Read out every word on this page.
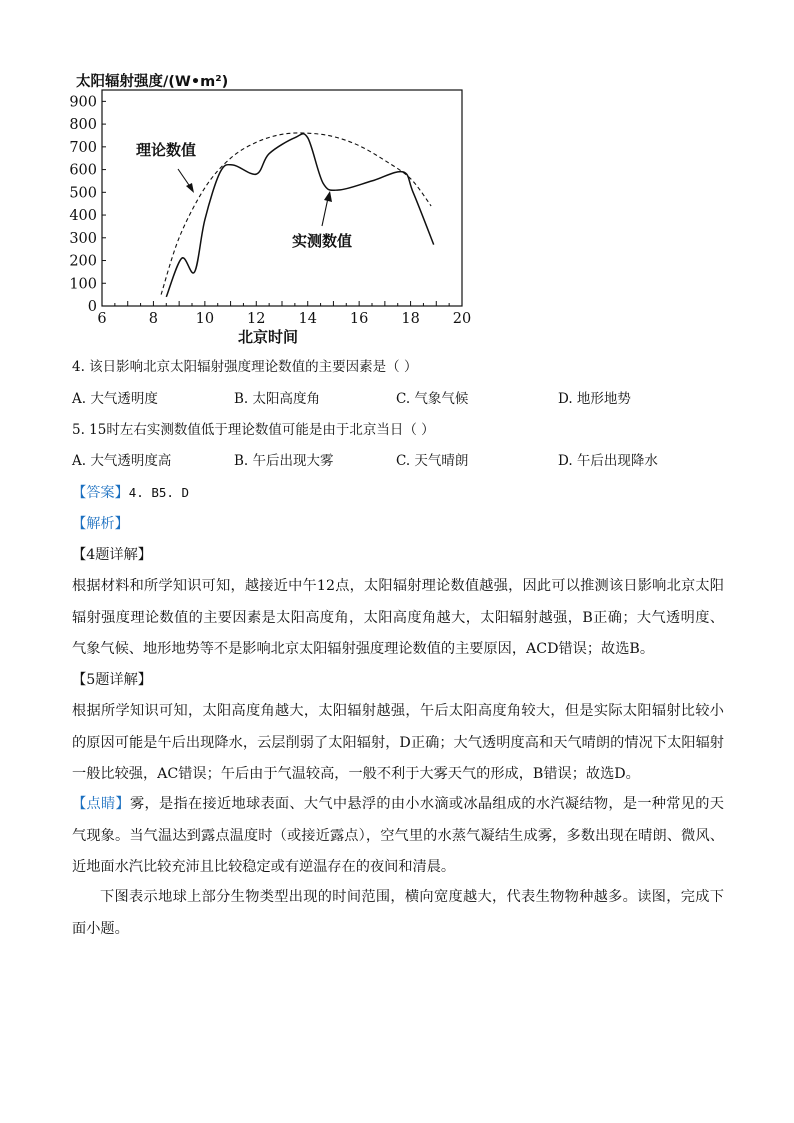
太阳辐射强度/(W•m²)
0
100
200
300
400
500
600
700
800
900
6	8	10 12 14 16 18 20
理论数值
实测数值
北京时间
4. 该日影响北京太阳辐射强度理论数值的主要因素是（ ）
A. 大气透明度	B. 太阳高度角	C. 气象气候	D. 地形地势
5. 15时左右实测数值低于理论数值可能是由于北京当日（ ）
A. 大气透明度高	B. 午后出现大雾	C. 天气晴朗	D. 午后出现降水
【答案】4. B5. D
【解析】
【4题详解】
根据材料和所学知识可知，越接近中午12点，太阳辐射理论数值越强，因此可以推测该日影响北京太阳辐射强度理论数值的主要因素是太阳高度角，太阳高度角越大，太阳辐射越强，B正确；大气透明度、 气象气候、地形地势等不是影响北京太阳辐射强度理论数值的主要原因，ACD错误；故选B。
【5题详解】
根据所学知识可知，太阳高度角越大，太阳辐射越强，午后太阳高度角较大，但是实际太阳辐射比较小的原因可能是午后出现降水，云层削弱了太阳辐射，D正确；大气透明度高和天气晴朗的情况下太阳辐射一般比较强，AC错误；午后由于气温较高，一般不利于大雾天气的形成，B错误；故选D。
【点睛】雾，是指在接近地球表面、大气中悬浮的由小水滴或冰晶组成的水汽凝结物，是一种常见的天气现象。当气温达到露点温度时（或接近露点），空气里的水蒸气凝结生成雾，多数出现在晴朗、微风、近地面水汽比较充沛且比较稳定或有逆温存在的夜间和清晨。
下图表示地球上部分生物类型出现的时间范围，横向宽度越大，代表生物物种越多。读图，完成下面小题。
